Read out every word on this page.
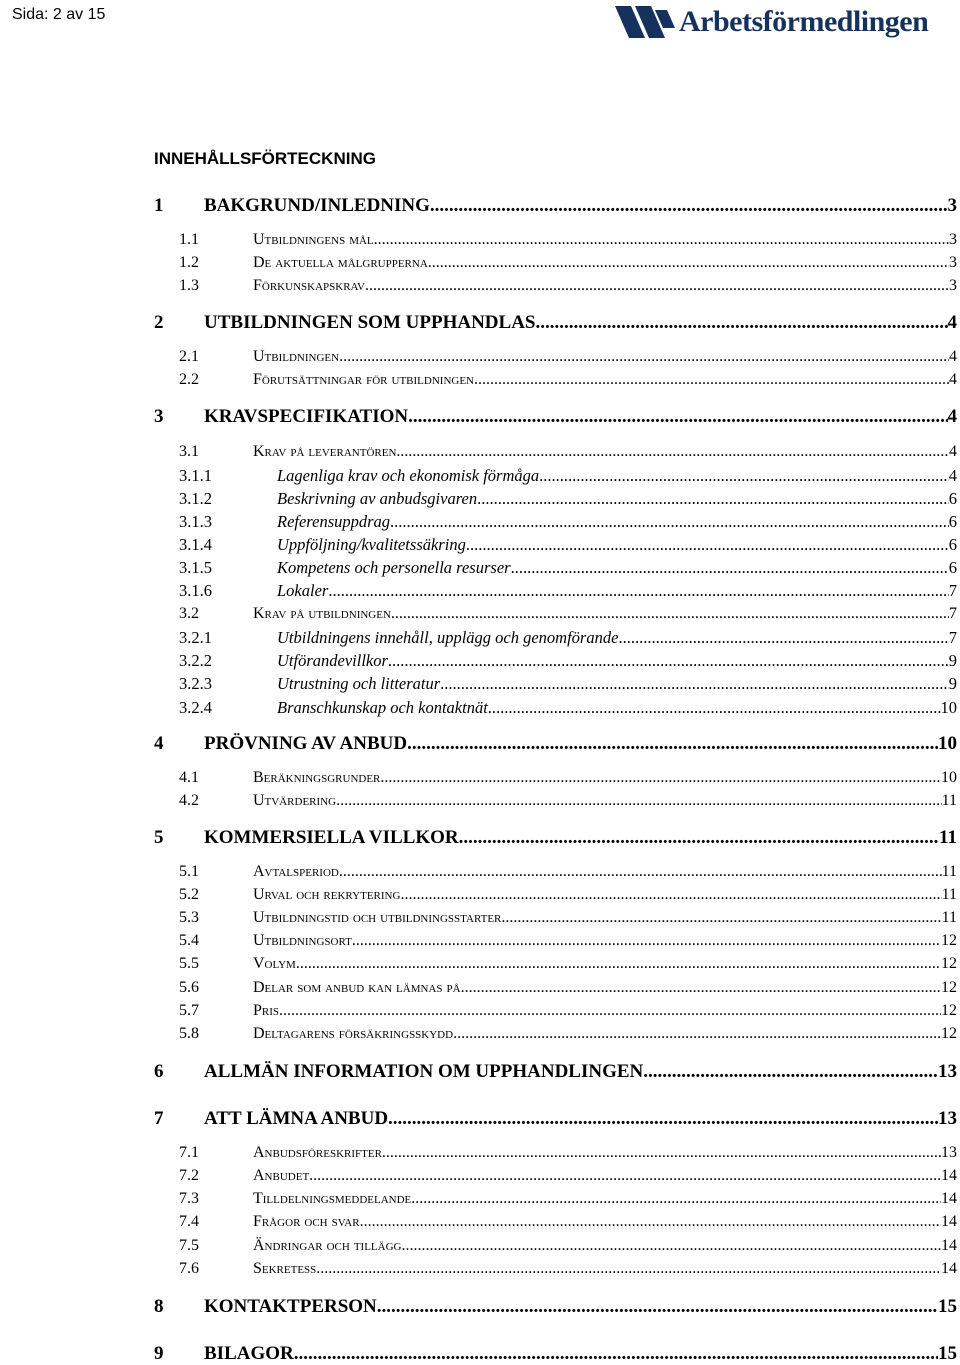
Sida: 2 av 15	Arbetsförmedlingen
INNEHÅLLSFÖRTECKNING
1	BAKGRUND/INLEDNING .....	3
1.1	Utbildningens mål .....	3
1.2	De aktuella målgrupperna .....	3
1.3	Förkunskapskrav .....	3
2	UTBILDNINGEN SOM UPPHANDLAS .....	4
2.1	Utbildningen .....	4
2.2	Förutsättningar för utbildningen .....	4
3	KRAVSPECIFIKATION .....	4
3.1	Krav på leverantören .....	4
3.1.1	Lagenliga krav och ekonomisk förmåga .....	4
3.1.2	Beskrivning av anbudsgivaren .....	6
3.1.3	Referensuppdrag .....	6
3.1.4	Uppföljning/kvalitetssäkring .....	6
3.1.5	Kompetens och personella resurser .....	6
3.1.6	Lokaler .....	7
3.2	Krav på utbildningen .....	7
3.2.1	Utbildningens innehåll, upplägg och genomförande .....	7
3.2.2	Utförandevillkor .....	9
3.2.3	Utrustning och litteratur .....	9
3.2.4	Branschkunskap och kontaktnät .....	10
4	PRÖVNING AV ANBUD .....	10
4.1	Beräkningsgrunder .....	10
4.2	Utvärdering .....	11
5	KOMMERSIELLA VILLKOR .....	11
5.1	Avtalsperiod .....	11
5.2	Urval och rekrytering .....	11
5.3	Utbildningstid och utbildningsstarter .....	11
5.4	Utbildningsort .....	12
5.5	Volym .....	12
5.6	Delar som anbud kan lämnas på .....	12
5.7	Pris .....	12
5.8	Deltagarens försäkringsskydd .....	12
6	ALLMÄN INFORMATION OM UPPHANDLINGEN .....	13
7	ATT LÄMNA ANBUD .....	13
7.1	Anbudsföreskrifter .....	13
7.2	Anbudet .....	14
7.3	Tilldelningsmeddelande .....	14
7.4	Frågor och svar .....	14
7.5	Ändringar och tillägg .....	14
7.6	Sekretess .....	14
8	KONTAKTPERSON .....	15
9	BILAGOR .....	15
